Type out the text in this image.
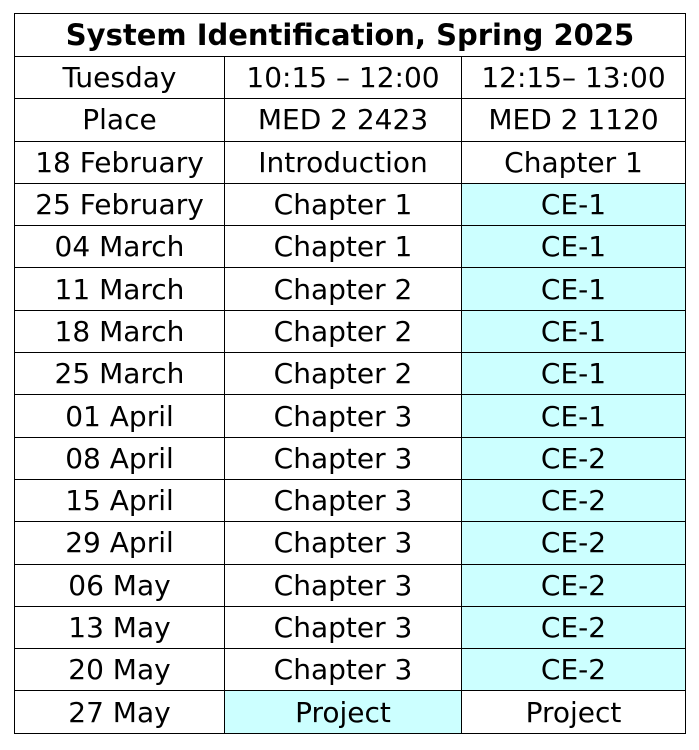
System Identification, Spring 2025		
Tuesday	10:15 – 12:00	12:15– 13:00
Place	MED 2 2423	MED 2 1120
18 February	Introduction	Chapter 1
25 February	Chapter 1	CE-1
04 March	Chapter 1	CE-1
11 March	Chapter 2	CE-1
18 March	Chapter 2	CE-1
25 March	Chapter 2	CE-1
01 April	Chapter 3	CE-1
08 April	Chapter 3	CE-2
15 April	Chapter 3	CE-2
29 April	Chapter 3	CE-2
06 May	Chapter 3	CE-2
13 May	Chapter 3	CE-2
20 May	Chapter 3	CE-2
27 May	Project	Project
